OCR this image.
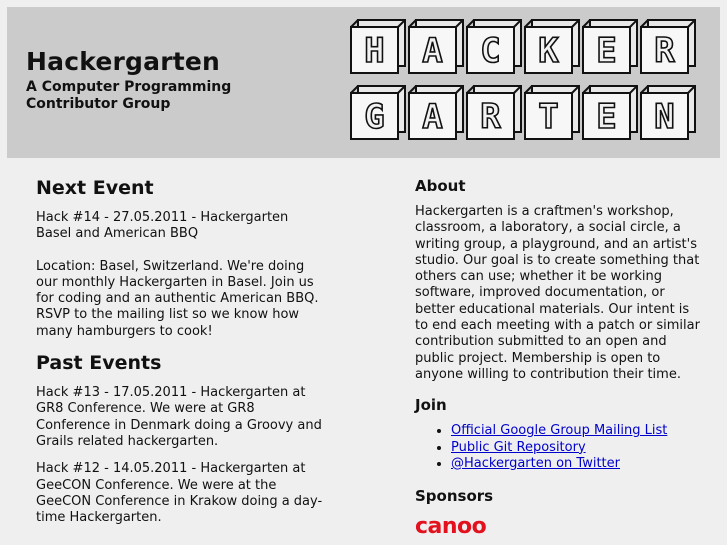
Hackergarten
A Computer Programming Contributor Group
H A C K E R
G A R T E N
Next Event

Hack #14 - 27.05.2011 - Hackergarten Basel and American BBQ

Location: Basel, Switzerland. We're doing our monthly Hackergarten in Basel. Join us for coding and an authentic American BBQ. RSVP to the mailing list so we know how many hamburgers to cook!

Past Events

Hack #13 - 17.05.2011 - Hackergarten at GR8 Conference. We were at GR8 Conference in Denmark doing a Groovy and Grails related hackergarten.

Hack #12 - 14.05.2011 - Hackergarten at GeeCON Conference. We were at the GeeCON Conference in Krakow doing a day-time Hackergarten.

About

Hackergarten is a craftmen's workshop, classroom, a laboratory, a social circle, a writing group, a playground, and an artist's studio. Our goal is to create something that others can use; whether it be working software, improved documentation, or better educational materials. Our intent is to end each meeting with a patch or similar contribution submitted to an open and public project. Membership is open to anyone willing to contribution their time.

Join
• Official Google Group Mailing List
• Public Git Repository
• @Hackergarten on Twitter
Sponsors
canoo
